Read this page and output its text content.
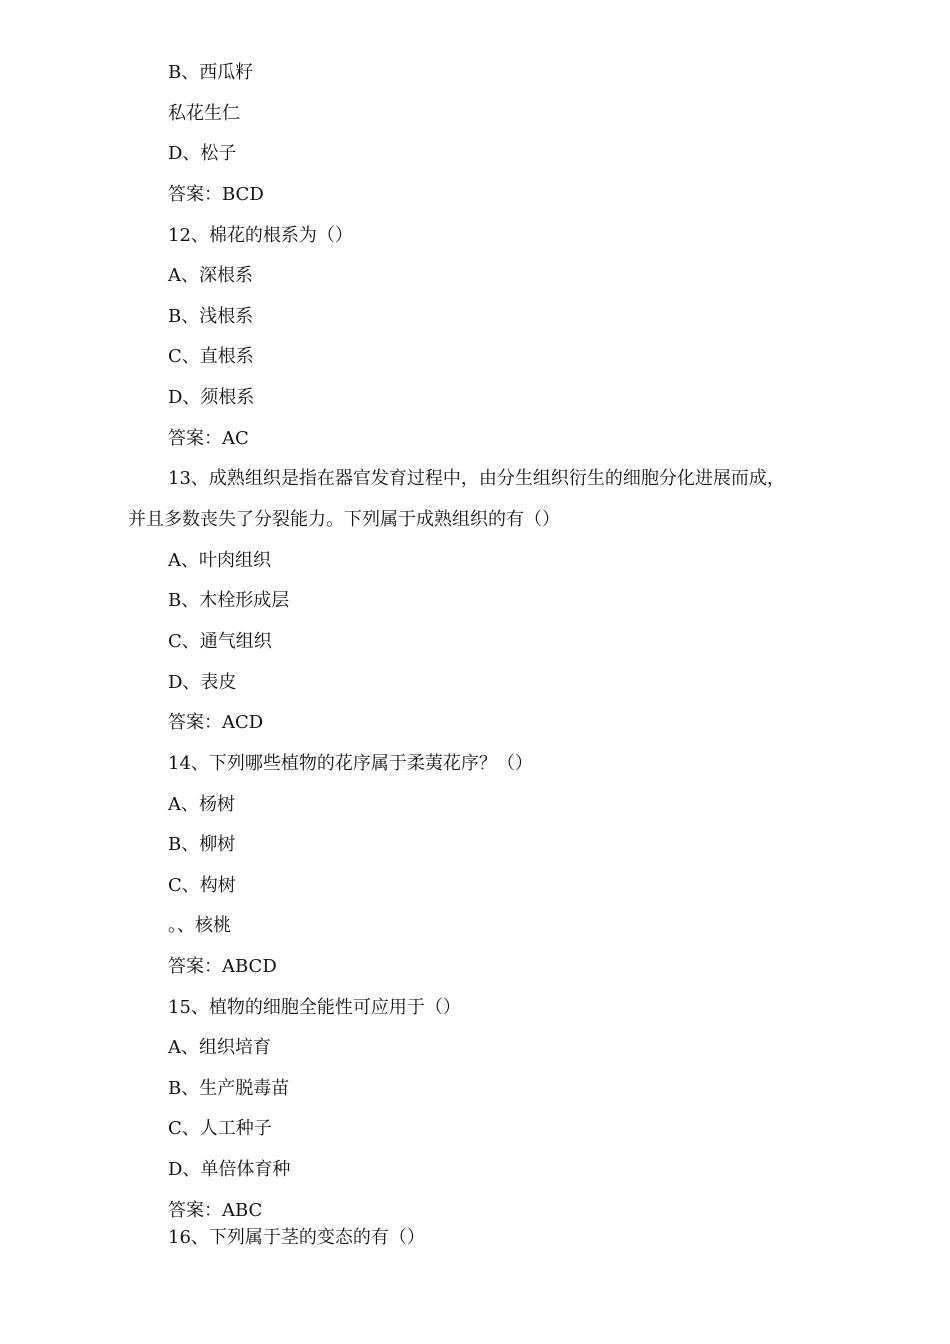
B、西瓜籽
私花生仁
D、松子
答案：BCD
12、棉花的根系为（）
A、深根系
B、浅根系
C、直根系
D、须根系
答案：AC
13、成熟组织是指在器官发育过程中，由分生组织衍生的细胞分化进展而成，
并且多数丧失了分裂能力。下列属于成熟组织的有（）
A、叶肉组织
B、木栓形成层
C、通气组织
D、表皮
答案：ACD
14、下列哪些植物的花序属于柔荑花序？（）
A、杨树
B、柳树
C、构树
。、核桃
答案：ABCD
15、植物的细胞全能性可应用于（）
A、组织培育
B、生产脱毒苗
C、人工种子
D、单倍体育种
答案：ABC
16、下列属于茎的变态的有（）
